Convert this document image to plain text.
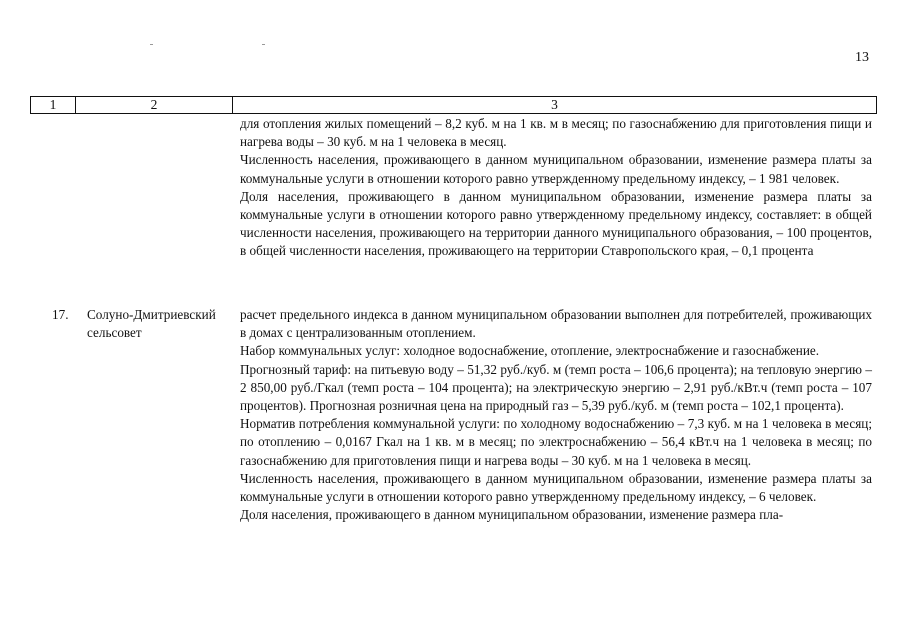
13
1	2	3

для отопления жилых помещений – 8,2 куб. м на 1 кв. м в месяц; по газоснабжению для приготовления пищи и нагрева воды – 30 куб. м на 1 человека в месяц.

Численность населения, проживающего в данном муниципальном образовании, изменение размера платы за коммунальные услуги в отношении которого равно утвержденному предельному индексу, – 1 981 человек.

Доля населения, проживающего в данном муниципальном образовании, изменение размера платы за коммунальные услуги в отношении которого равно утвержденному предельному индексу, составляет: в общей численности населения, проживающего на территории данного муниципального образования, – 100 процентов, в общей численности населения, проживающего на территории Ставропольского края, – 0,1 процента

17. Солуно-Дмитриевский сельсовет

расчет предельного индекса в данном муниципальном образовании выполнен для потребителей, проживающих в домах с централизованным отоплением.

Набор коммунальных услуг: холодное водоснабжение, отопление, электроснабжение и газоснабжение.

Прогнозный тариф: на питьевую воду – 51,32 руб./куб. м (темп роста – 106,6 процента); на тепловую энергию – 2 850,00 руб./Гкал (темп роста – 104 процента); на электрическую энергию – 2,91 руб./кВт.ч (темп роста – 107 процентов). Прогнозная розничная цена на природный газ – 5,39 руб./куб. м (темп роста – 102,1 процента).

Норматив потребления коммунальной услуги: по холодному водоснабжению – 7,3 куб. м на 1 человека в месяц; по отоплению – 0,0167 Гкал на 1 кв. м в месяц; по электроснабжению – 56,4 кВт.ч на 1 человека в месяц; по газоснабжению для приготовления пищи и нагрева воды – 30 куб. м на 1 человека в месяц.

Численность населения, проживающего в данном муниципальном образовании, изменение размера платы за коммунальные услуги в отношении которого равно утвержденному предельному индексу, – 6 человек.

Доля населения, проживающего в данном муниципальном образовании, изменение размера пла-
